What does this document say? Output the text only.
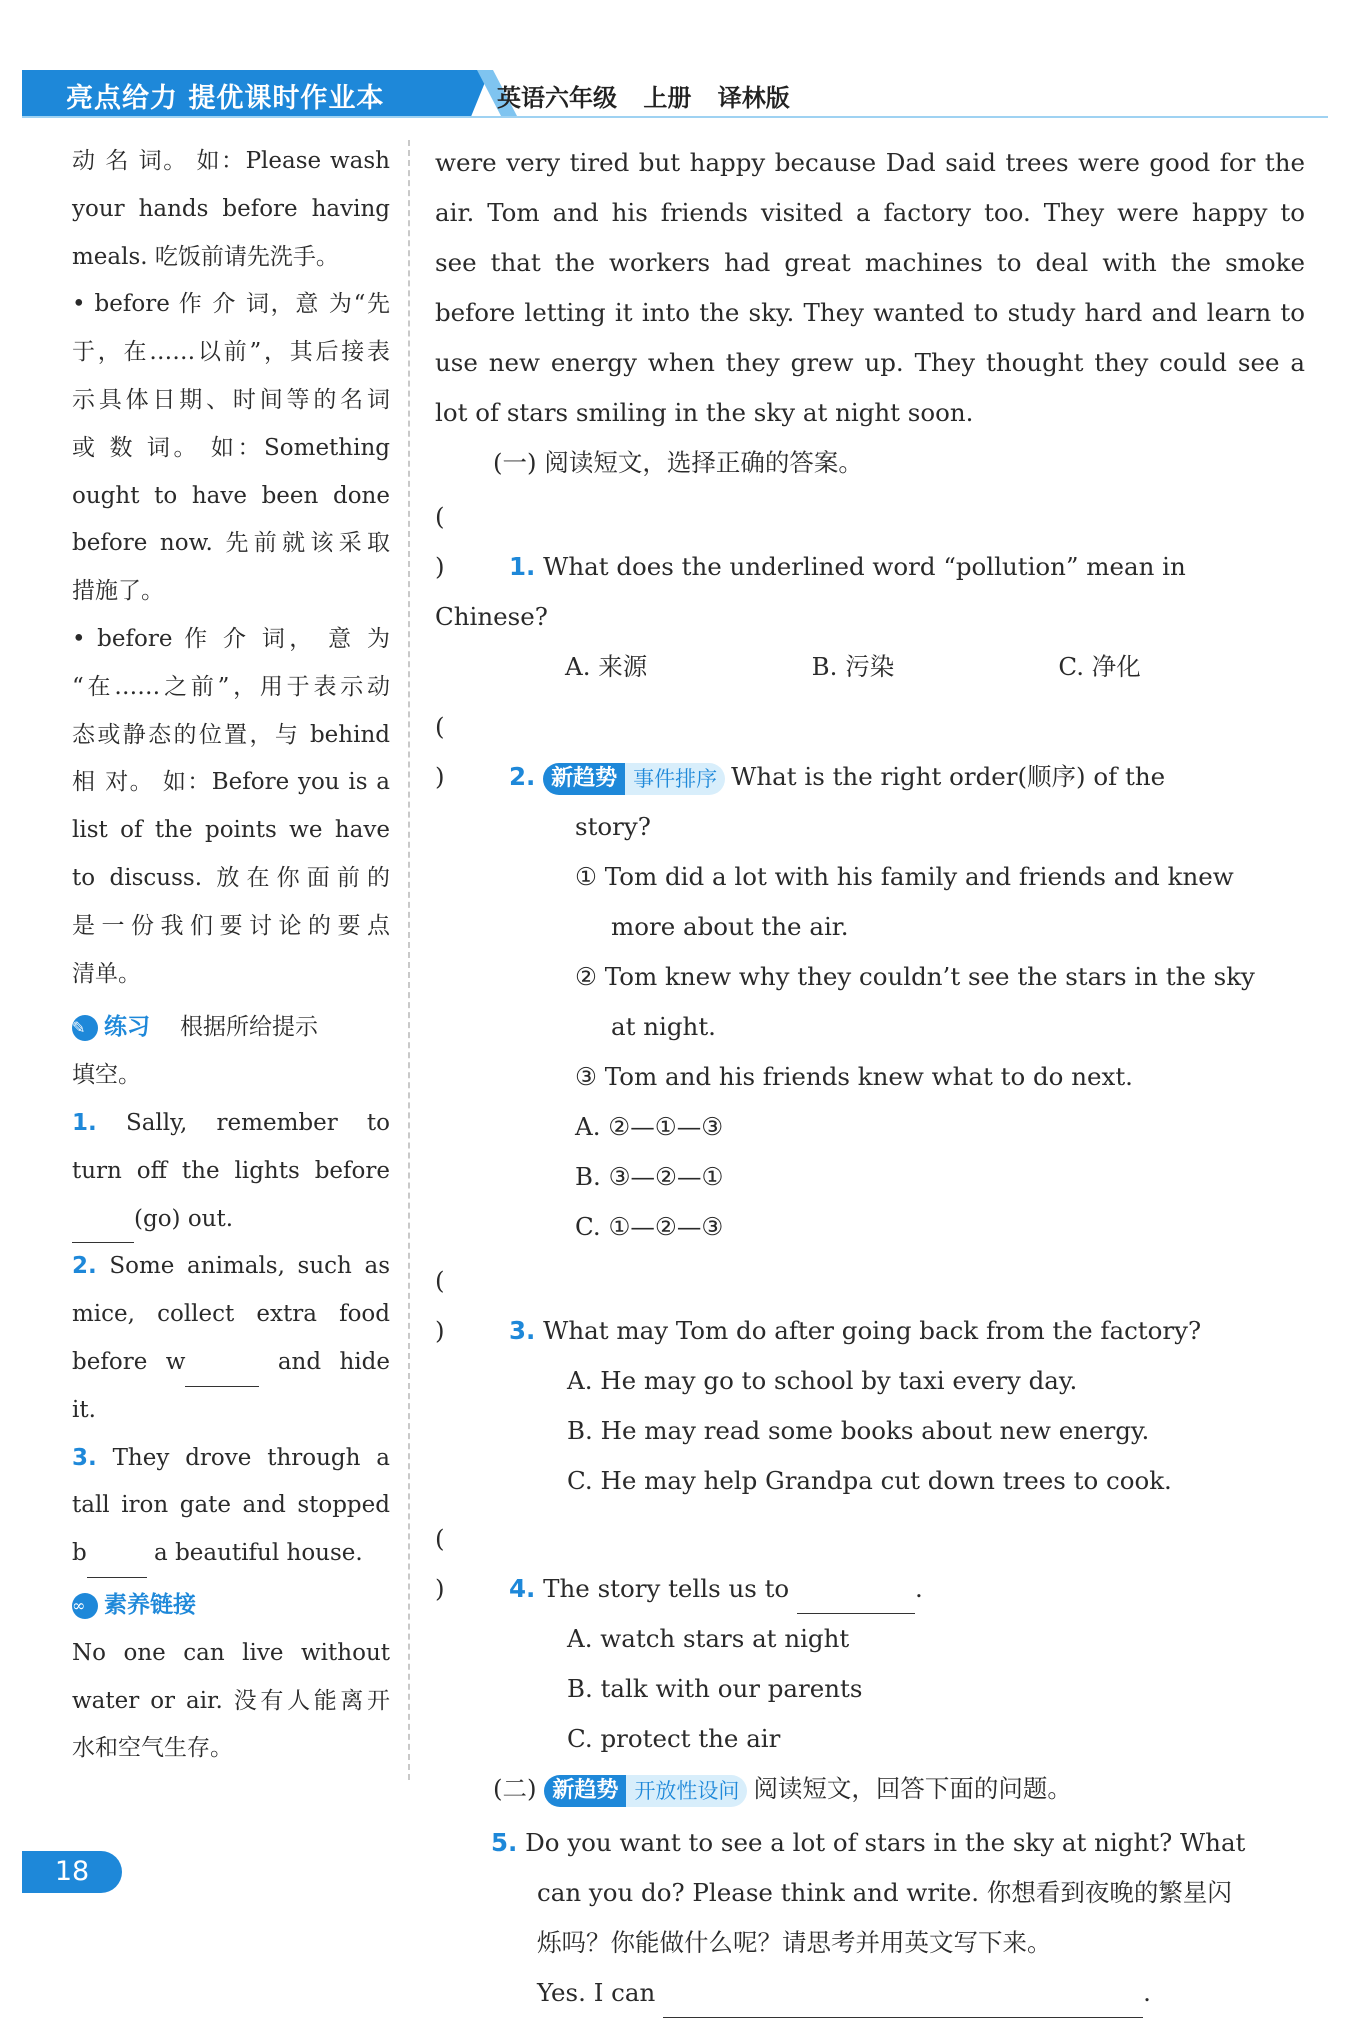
亮点给力 提优课时作业本	英语六年级 上册 译林版

动 名 词。 如：Please wash

your hands before having

meals. 吃饭前请先洗手。

• before 作 介 词，意 为“先

于，在……以前”，其后接表

示具体日期、时间等的名词

或 数 词。 如：Something

ought to have been done

before now. 先前就该采取

措施了。

• before 作 介 词， 意 为

“在……之前”，用于表示动

态或静态的位置，与 behind

相 对。 如：Before you is a

list of the points we have

to discuss. 放在你面前的

是一份我们要讨论的要点

清单。

✎ 练习 根据所给提示

填空。

1. Sally, remember to

turn off the lights before

(go) out.

2. Some animals, such as

mice, collect extra food

before w	and hide

it.

3. They drove through a

tall iron gate and stopped

b	a beautiful house.

∞ 素养链接

No one can live without

water or air. 没有人能离开

水和空气生存。

were very tired but happy because Dad said trees were good for the

air. Tom and his friends visited a factory too. They were happy to

see that the workers had great machines to deal with the smoke

before letting it into the sky. They wanted to study hard and learn to

use new energy when they grew up. They thought they could see a

lot of stars smiling in the sky at night soon.

(一) 阅读短文，选择正确的答案。

()	1. What does the underlined word “pollution” mean in Chinese?

A. 来源	B. 污染	C. 净化

()	2. 新趋势 事件排序 What is the right order(顺序) of the

story?

① Tom did a lot with his family and friends and knew

more about the air.

② Tom knew why they couldn’t see the stars in the sky

at night.

③ Tom and his friends knew what to do next.

A. ②—①—③

B. ③—②—①

C. ①—②—③

()	3. What may Tom do after going back from the factory?

A. He may go to school by taxi every day.

B. He may read some books about new energy.

C. He may help Grandpa cut down trees to cook.

()	4. The story tells us to	.

A. watch stars at night

B. talk with our parents

C. protect the air

(二) 新趋势 开放性设问 阅读短文，回答下面的问题。

5. Do you want to see a lot of stars in the sky at night? What

can you do? Please think and write. 你想看到夜晚的繁星闪

烁吗？你能做什么呢？请思考并用英文写下来。

Yes. I can	.

18
